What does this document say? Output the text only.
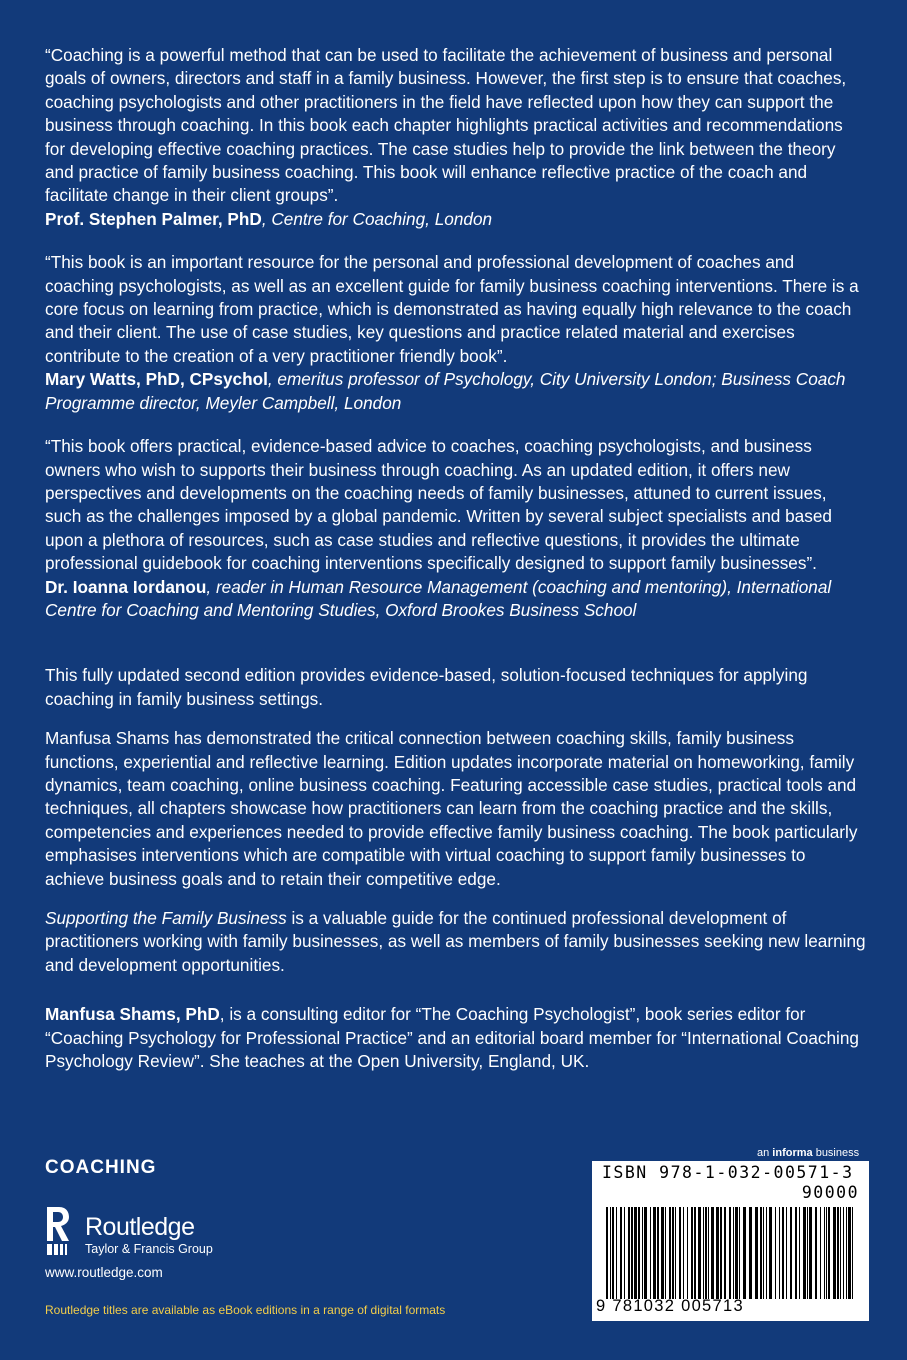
“Coaching is a powerful method that can be used to facilitate the achievement of business and personal goals of owners, directors and staff in a family business. However, the first step is to ensure that coaches, coaching psychologists and other practitioners in the field have reflected upon how they can support the business through coaching. In this book each chapter highlights practical activities and recommendations for developing effective coaching practices. The case studies help to provide the link between the theory and practice of family business coaching. This book will enhance reflective practice of the coach and facilitate change in their client groups”.
Prof. Stephen Palmer, PhD, Centre for Coaching, London

“This book is an important resource for the personal and professional development of coaches and coaching psychologists, as well as an excellent guide for family business coaching interventions. There is a core focus on learning from practice, which is demonstrated as having equally high relevance to the coach and their client. The use of case studies, key questions and practice related material and exercises contribute to the creation of a very practitioner friendly book”.
Mary Watts, PhD, CPsychol, emeritus professor of Psychology, City University London; Business Coach Programme director, Meyler Campbell, London

“This book offers practical, evidence-based advice to coaches, coaching psychologists, and business owners who wish to supports their business through coaching. As an updated edition, it offers new perspectives and developments on the coaching needs of family businesses, attuned to current issues, such as the challenges imposed by a global pandemic. Written by several subject specialists and based upon a plethora of resources, such as case studies and reflective questions, it provides the ultimate professional guidebook for coaching interventions specifically designed to support family businesses”.
Dr. Ioanna Iordanou, reader in Human Resource Management (coaching and mentoring), International Centre for Coaching and Mentoring Studies, Oxford Brookes Business School

This fully updated second edition provides evidence-based, solution-focused techniques for applying coaching in family business settings.

Manfusa Shams has demonstrated the critical connection between coaching skills, family business functions, experiential and reflective learning. Edition updates incorporate material on homeworking, family dynamics, team coaching, online business coaching. Featuring accessible case studies, practical tools and techniques, all chapters showcase how practitioners can learn from the coaching practice and the skills, competencies and experiences needed to provide effective family business coaching. The book particularly emphasises interventions which are compatible with virtual coaching to support family businesses to achieve business goals and to retain their competitive edge.

Supporting the Family Business is a valuable guide for the continued professional development of practitioners working with family businesses, as well as members of family businesses seeking new learning and development opportunities.

Manfusa Shams, PhD, is a consulting editor for “The Coaching Psychologist”, book series editor for “Coaching Psychology for Professional Practice” and an editorial board member for “International Coaching Psychology Review”. She teaches at the Open University, England, UK.

COACHING
Routledge
Taylor & Francis Group
www.routledge.com
Routledge titles are available as eBook editions in a range of digital formats
an informa business
ISBN 978-1-032-00571-3
90000
9 781032 005713
